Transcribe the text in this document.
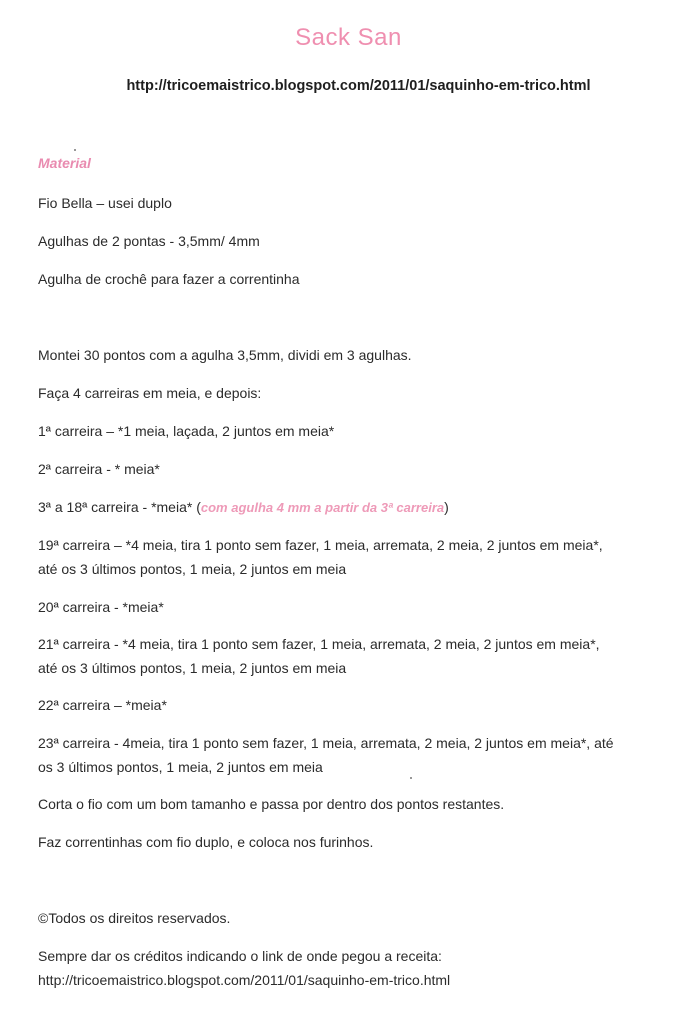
Sack San
http://tricoemaistrico.blogspot.com/2011/01/saquinho-em-trico.html
Material
Fio Bella – usei duplo
Agulhas de 2 pontas - 3,5mm/ 4mm
Agulha de crochê para fazer a correntinha
Montei 30 pontos com a agulha 3,5mm, dividi em 3 agulhas.
Faça 4 carreiras em meia, e depois:
1ª carreira – *1 meia, laçada, 2 juntos em meia*
2ª carreira - * meia*
3ª a 18ª carreira - *meia* (com agulha 4 mm a partir da 3ª carreira)
19ª carreira – *4 meia, tira 1 ponto sem fazer, 1 meia, arremata, 2 meia, 2 juntos em meia*,
até os 3 últimos pontos, 1 meia, 2 juntos em meia
20ª carreira - *meia*
21ª carreira - *4 meia, tira 1 ponto sem fazer, 1 meia, arremata, 2 meia, 2 juntos em meia*,
até os 3 últimos pontos, 1 meia, 2 juntos em meia
22ª carreira – *meia*
23ª carreira - 4meia, tira 1 ponto sem fazer, 1 meia, arremata, 2 meia, 2 juntos em meia*, até
os 3 últimos pontos, 1 meia, 2 juntos em meia
Corta o fio com um bom tamanho e passa por dentro dos pontos restantes.
Faz correntinhas com fio duplo, e coloca nos furinhos.
©Todos os direitos reservados.
Sempre dar os créditos indicando o link de onde pegou a receita:
http://tricoemaistrico.blogspot.com/2011/01/saquinho-em-trico.html
